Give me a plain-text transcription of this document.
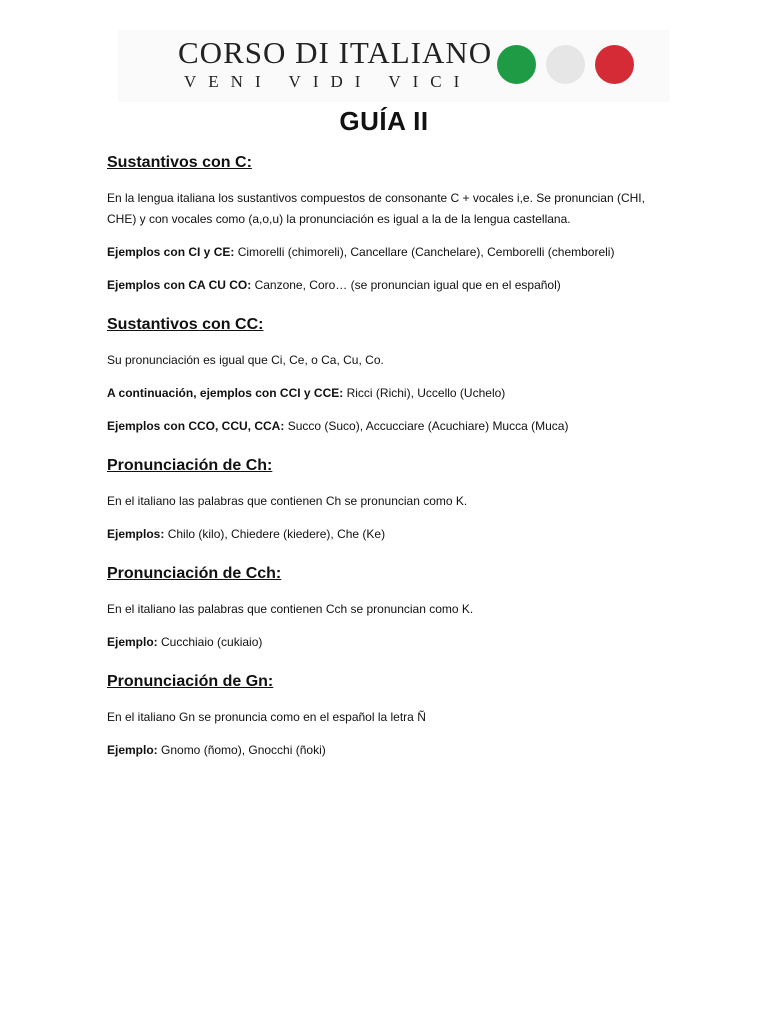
CORSO DI ITALIANO
VENI VIDI VICI
GUÍA II
Sustantivos con C:

En la lengua italiana los sustantivos compuestos de consonante C + vocales i,e. Se pronuncian (CHI, CHE) y con vocales como (a,o,u) la pronunciación es igual a la de la lengua castellana.

Ejemplos con CI y CE: Cimorelli (chimoreli), Cancellare (Canchelare), Cemborelli (chemboreli)

Ejemplos con CA CU CO: Canzone, Coro… (se pronuncian igual que en el español)

Sustantivos con CC:

Su pronunciación es igual que Ci, Ce, o Ca, Cu, Co.

A continuación, ejemplos con CCI y CCE: Ricci (Richi), Uccello (Uchelo)

Ejemplos con CCO, CCU, CCA: Succo (Suco), Accucciare (Acuchiare) Mucca (Muca)

Pronunciación de Ch:

En el italiano las palabras que contienen Ch se pronuncian como K.

Ejemplos: Chilo (kilo), Chiedere (kiedere), Che (Ke)

Pronunciación de Cch:

En el italiano las palabras que contienen Cch se pronuncian como K.

Ejemplo: Cucchiaio (cukiaio)

Pronunciación de Gn:

En el italiano Gn se pronuncia como en el español la letra Ñ

Ejemplo: Gnomo (ñomo), Gnocchi (ñoki)
